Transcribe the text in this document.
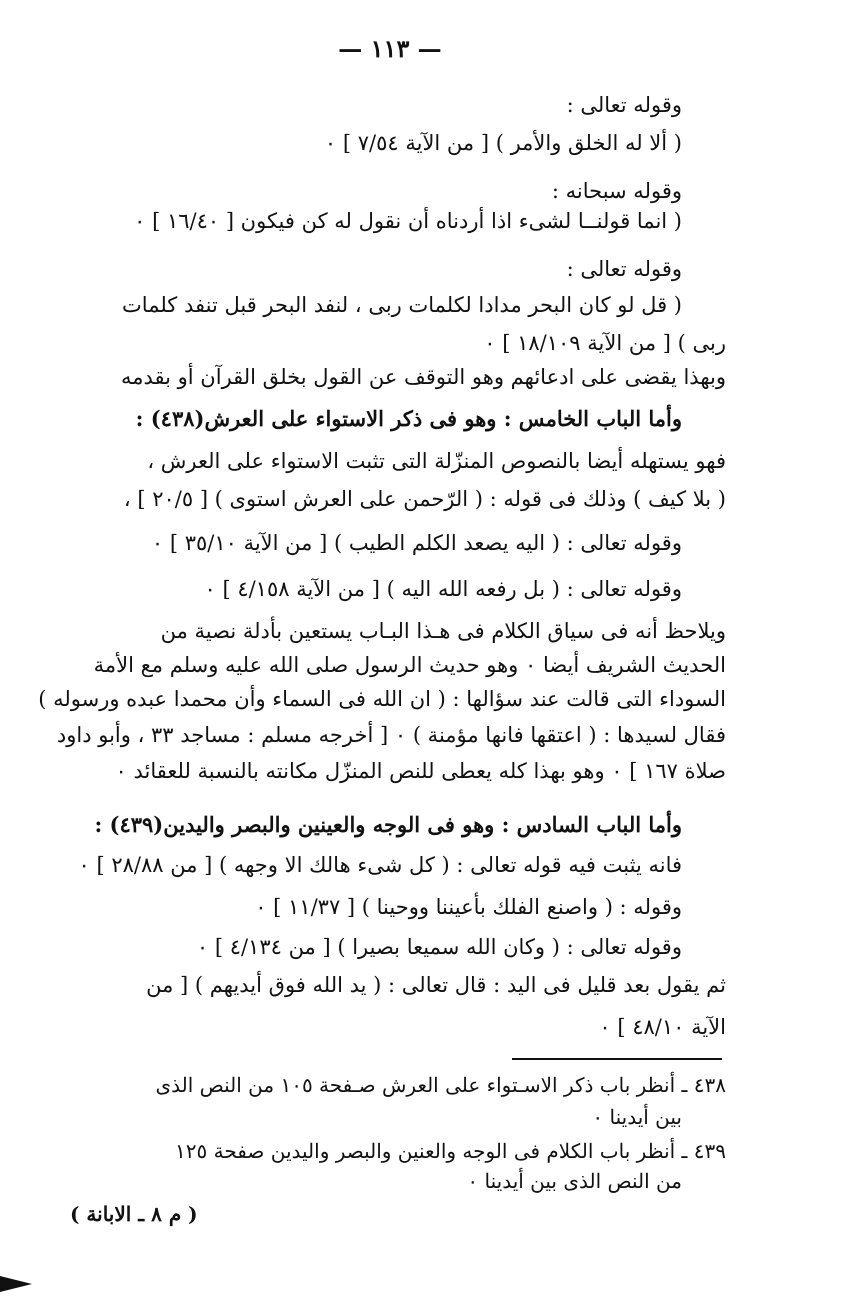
— ١١٣ —
وقوله تعالى :
( ألا له الخلق والأمر ) [ من الآية ٧/٥٤ ] ٠
وقوله سبحانه :
( انما قولنــا لشىء اذا أردناه أن نقول له كن فيكون [ ١٦/٤٠ ] ٠
وقوله تعالى :
( قل لو كان البحر مدادا لكلمات ربى ، لنفد البحر قبل تنفد كلمات
ربى ) [ من الآية ١٨/١٠٩ ] ٠
وبهذا يقضى على ادعائهم وهو التوقف عن القول بخلق القرآن أو بقدمه
وأما الباب الخامس : وهو فى ذكر الاستواء على العرش(٤٣٨) :
فهو يستهله أيضا بالنصوص المنزّلة التى تثبت الاستواء على العرش ،
( بلا كيف ) وذلك فى قوله : ( الرّحمن على العرش استوى ) [ ٢٠/٥ ] ،
وقوله تعالى : ( اليه يصعد الكلم الطيب ) [ من الآية ٣٥/١٠ ] ٠
وقوله تعالى : ( بل رفعه الله اليه ) [ من الآية ٤/١٥٨ ] ٠
ويلاحظ أنه فى سياق الكلام فى هـذا البـاب يستعين بأدلة نصية من
الحديث الشريف أيضا ٠ وهو حديث الرسول صلى الله عليه وسلم مع الأمة
السوداء التى قالت عند سؤالها : ( ان الله فى السماء وأن محمدا عبده ورسوله )
فقال لسيدها : ( اعتقها فانها مؤمنة ) ٠ [ أخرجه مسلم : مساجد ٣٣ ، وأبو داود
صلاة ١٦٧ ] ٠ وهو بهذا كله يعطى للنص المنزّل مكانته بالنسبة للعقائد ٠
وأما الباب السادس : وهو فى الوجه والعينين والبصر واليدين(٤٣٩) :
فانه يثبت فيه قوله تعالى : ( كل شىء هالك الا وجهه ) [ من ٢٨/٨٨ ] ٠
وقوله : ( واصنع الفلك بأعيننا ووحينا ) [ ١١/٣٧ ] ٠
وقوله تعالى : ( وكان الله سميعا بصيرا ) [ من ٤/١٣٤ ] ٠
ثم يقول بعد قليل فى اليد : قال تعالى : ( يد الله فوق أيديهم ) [ من
الآية ٤٨/١٠ ] ٠
٤٣٨ ـ أنظر باب ذكر الاسـتواء على العرش صـفحة ١٠٥ من النص الذى
بين أيدينا ٠
٤٣٩ ـ أنظر باب الكلام فى الوجه والعنين والبصر واليدين صفحة ١٢٥
من النص الذى بين أيدينا ٠
( م ٨ ـ الابانة )
